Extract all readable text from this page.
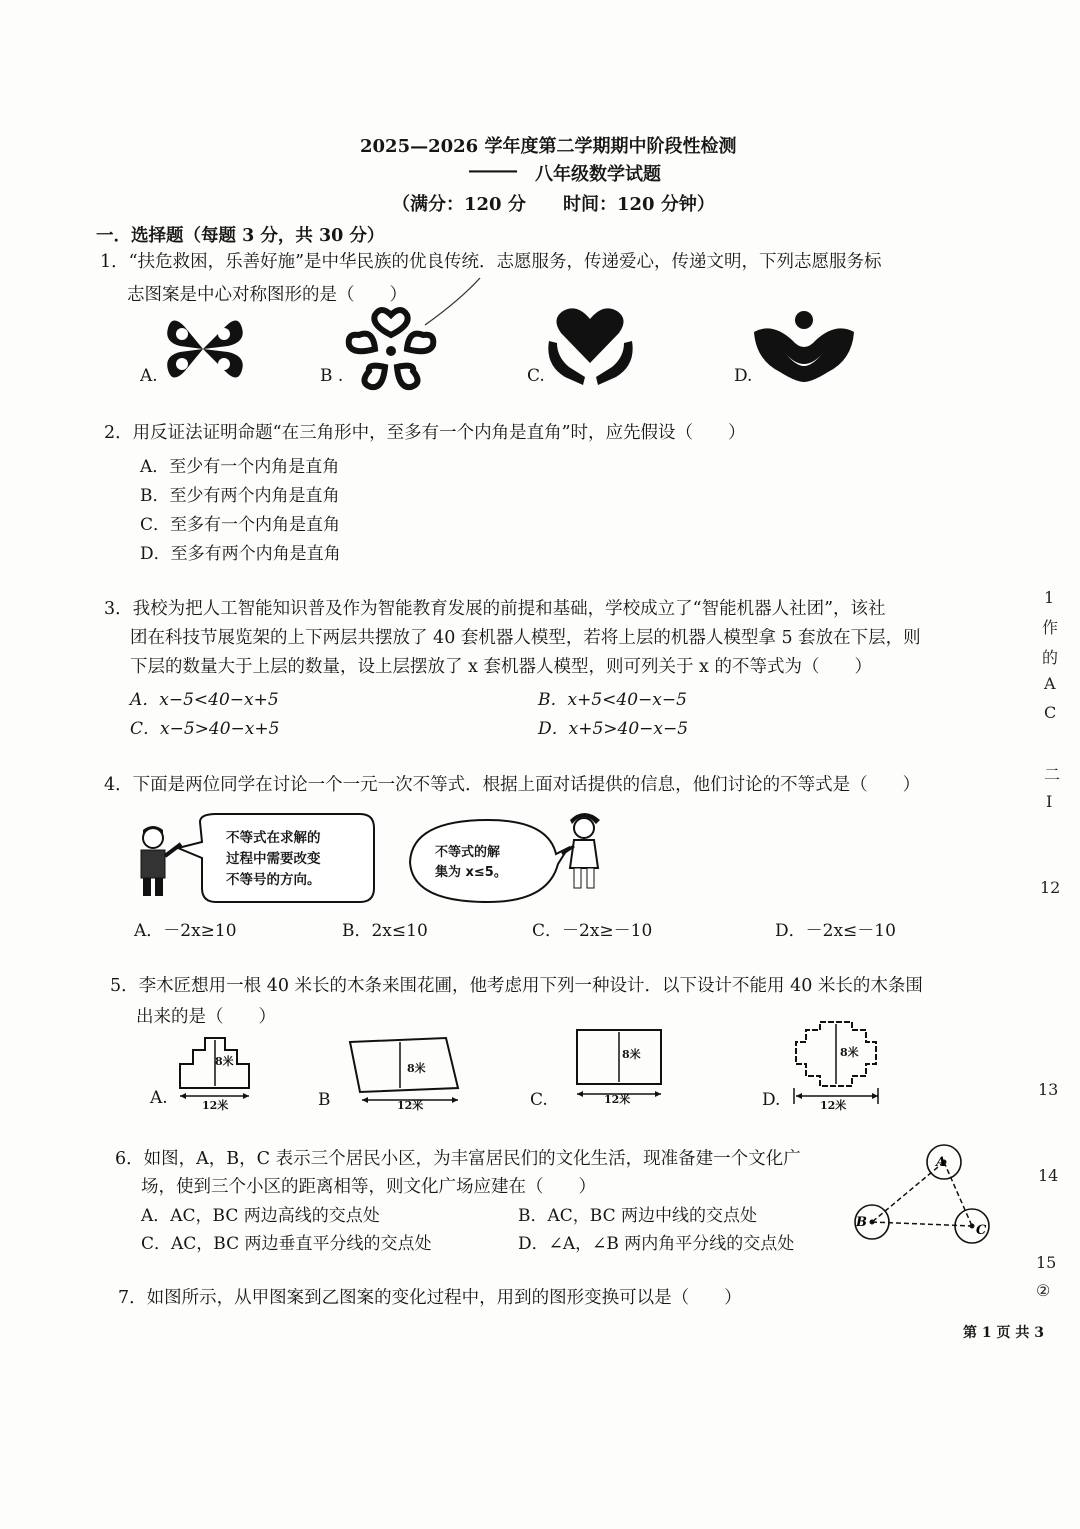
2025—2026 学年度第二学期期中阶段性检测
——— 八年级数学试题
（满分：120 分 时间：120 分钟）
一．选择题（每题 3 分，共 30 分）
1．“扶危救困，乐善好施”是中华民族的优良传统．志愿服务，传递爱心，传递文明，下列志愿服务标
志图案是中心对称图形的是（　　）
A.	B .	C.	D.
2．用反证法证明命题“在三角形中，至多有一个内角是直角”时，应先假设（　　）
A．至少有一个内角是直角
B．至少有两个内角是直角
C．至多有一个内角是直角
D．至多有两个内角是直角
3．我校为把人工智能知识普及作为智能教育发展的前提和基础，学校成立了“智能机器人社团”，该社
团在科技节展览架的上下两层共摆放了 40 套机器人模型，若将上层的机器人模型拿 5 套放在下层，则
下层的数量大于上层的数量，设上层摆放了 x 套机器人模型，则可列关于 x 的不等式为（　　）
A．x−5<40−x+5	B．x+5<40−x−5
C．x−5>40−x+5	D．x+5>40−x−5
4．下面是两位同学在讨论一个一元一次不等式．根据上面对话提供的信息，他们讨论的不等式是（　　）
不等式在求解的
过程中需要改变
不等号的方向。
不等式的解
集为 x≤5。
A．－2x≥10	B．2x≤10	C．－2x≥－10	D．－2x≤－10
5．李木匠想用一根 40 米长的木条来围花圃，他考虑用下列一种设计．以下设计不能用 40 米长的木条围
出来的是（　　）
A.
8米
12米	B
8米
12米	C.
8米
12米	D.
8米
12米
6．如图，A，B，C 表示三个居民小区，为丰富居民们的文化生活，现准备建一个文化广
场，使到三个小区的距离相等，则文化广场应建在（　　）
A．AC，BC 两边高线的交点处	B．AC，BC 两边中线的交点处
C．AC，BC 两边垂直平分线的交点处	D．∠A，∠B 两内角平分线的交点处
A
B
C
7．如图所示，从甲图案到乙图案的变化过程中，用到的图形变换可以是（　　）
第 1 页 共 3
1
作
的
A
C
二
I
12
13
14
15
②
